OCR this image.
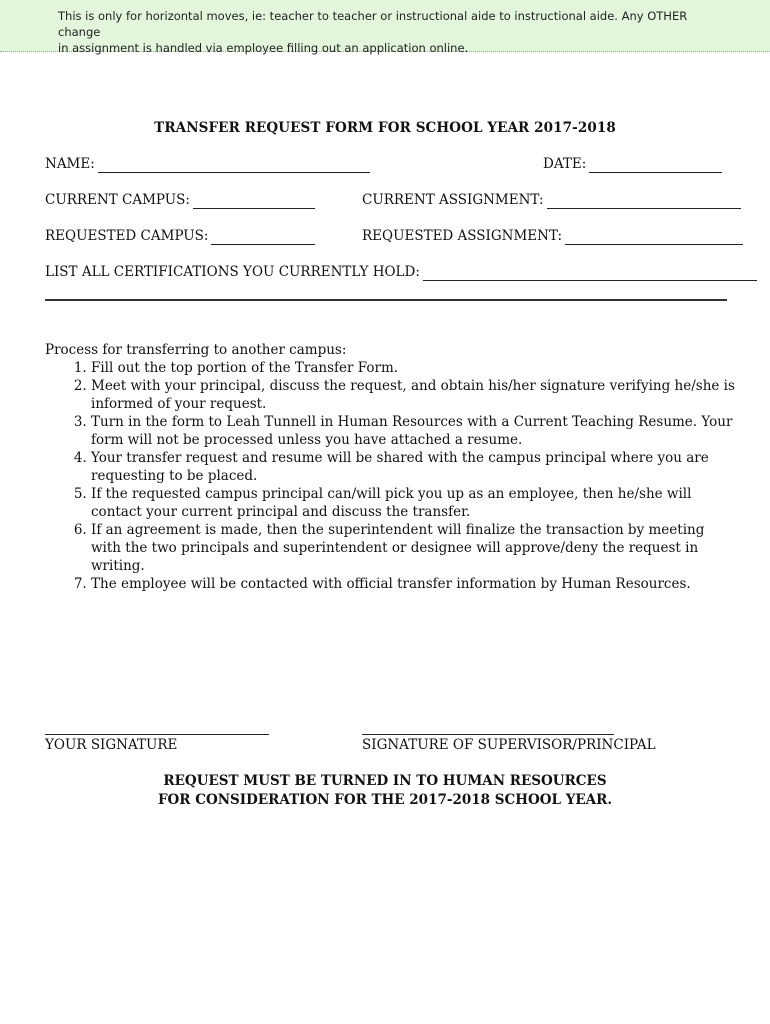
This is only for horizontal moves, ie: teacher to teacher or instructional aide to instructional aide. Any OTHER change
in assignment is handled via employee filling out an application online.
TRANSFER REQUEST FORM FOR SCHOOL YEAR 2017-2018
NAME:	DATE:
CURRENT CAMPUS:	CURRENT ASSIGNMENT:
REQUESTED CAMPUS:	REQUESTED ASSIGNMENT:
LIST ALL CERTIFICATIONS YOU CURRENTLY HOLD:
Process for transferring to another campus:
1. Fill out the top portion of the Transfer Form.
2. Meet with your principal, discuss the request, and obtain his/her signature verifying he/she is informed of your request.
3. Turn in the form to Leah Tunnell in Human Resources with a Current Teaching Resume. Your form will not be processed unless you have attached a resume.
4. Your transfer request and resume will be shared with the campus principal where you are requesting to be placed.
5. If the requested campus principal can/will pick you up as an employee, then he/she will contact your current principal and discuss the transfer.
6. If an agreement is made, then the superintendent will finalize the transaction by meeting with the two principals and superintendent or designee will approve/deny the request in writing.
7. The employee will be contacted with official transfer information by Human Resources.
YOUR SIGNATURE	SIGNATURE OF SUPERVISOR/PRINCIPAL
REQUEST MUST BE TURNED IN TO HUMAN RESOURCES
FOR CONSIDERATION FOR THE 2017-2018 SCHOOL YEAR.
